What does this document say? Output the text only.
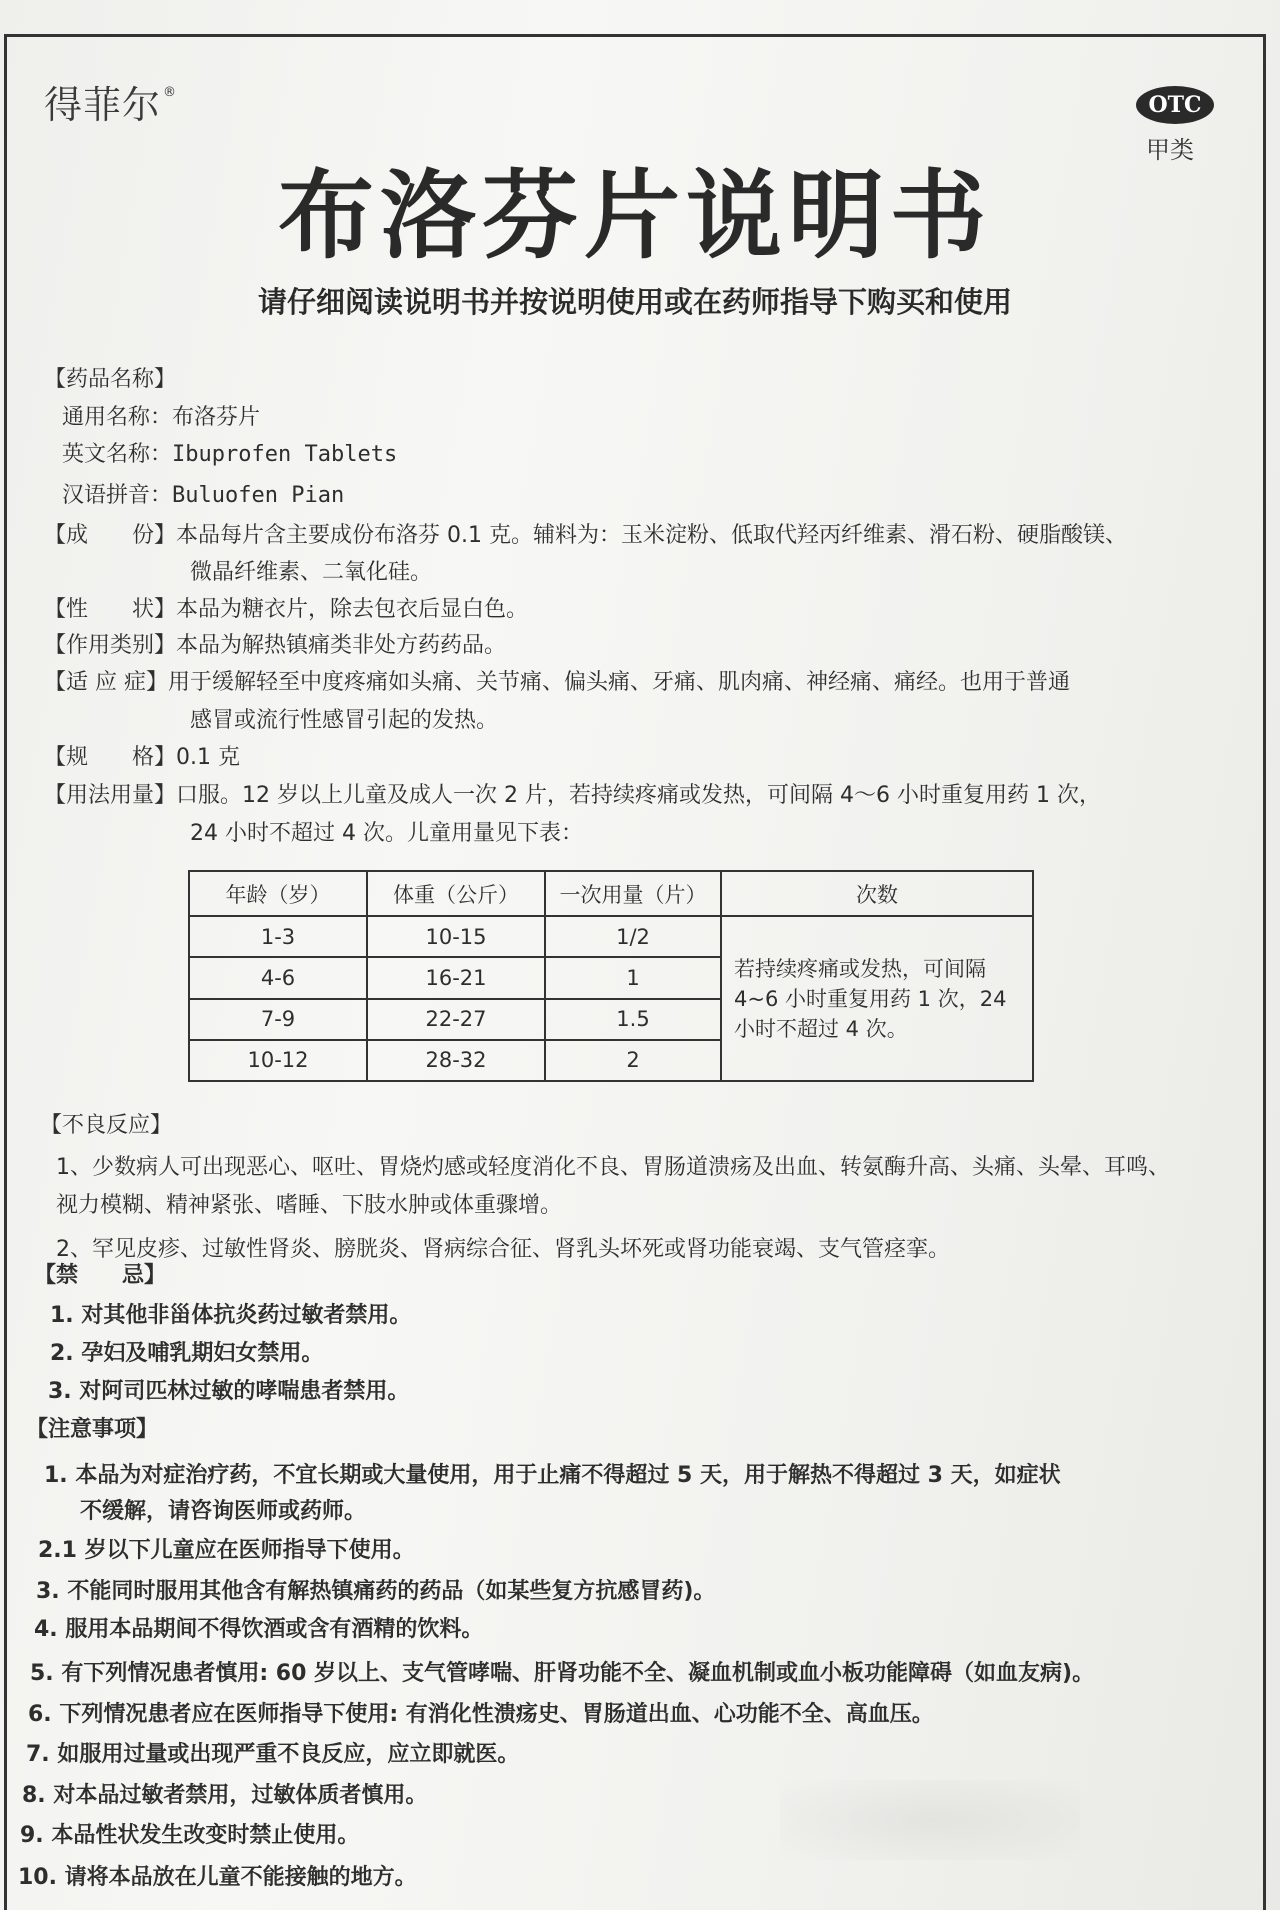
得菲尔 ®	OTC
甲类
布洛芬片说明书
请仔细阅读说明书并按说明使用或在药师指导下购买和使用
【药品名称】
通用名称：布洛芬片
英文名称：Ibuprofen Tablets
汉语拼音：Buluofen Pian
【成　　份】本品每片含主要成份布洛芬 0.1 克。辅料为：玉米淀粉、低取代羟丙纤维素、滑石粉、硬脂酸镁、
微晶纤维素、二氧化硅。
【性　　状】本品为糖衣片，除去包衣后显白色。
【作用类别】本品为解热镇痛类非处方药药品。
【适 应 症】用于缓解轻至中度疼痛如头痛、关节痛、偏头痛、牙痛、肌肉痛、神经痛、痛经。也用于普通
感冒或流行性感冒引起的发热。
【规　　格】0.1 克
【用法用量】口服。12 岁以上儿童及成人一次 2 片，若持续疼痛或发热，可间隔 4～6 小时重复用药 1 次，
24 小时不超过 4 次。儿童用量见下表：
年龄（岁）	体重（公斤）	一次用量（片）	次数
1-3	10-15	1/2	若持续疼痛或发热，可间隔
4~6 小时重复用药 1 次，24
小时不超过 4 次。

4-6	16-21	1	
7-9	22-27	1.5	
10-12	28-32	2	
【不良反应】
1、少数病人可出现恶心、呕吐、胃烧灼感或轻度消化不良、胃肠道溃疡及出血、转氨酶升高、头痛、头晕、耳鸣、
视力模糊、精神紧张、嗜睡、下肢水肿或体重骤增。
2、罕见皮疹、过敏性肾炎、膀胱炎、肾病综合征、肾乳头坏死或肾功能衰竭、支气管痉挛。
【禁　　忌】
1. 对其他非甾体抗炎药过敏者禁用。
2. 孕妇及哺乳期妇女禁用。
3. 对阿司匹林过敏的哮喘患者禁用。
【注意事项】
1. 本品为对症治疗药，不宜长期或大量使用，用于止痛不得超过 5 天，用于解热不得超过 3 天，如症状
不缓解，请咨询医师或药师。
2.1 岁以下儿童应在医师指导下使用。
3. 不能同时服用其他含有解热镇痛药的药品（如某些复方抗感冒药)。
4. 服用本品期间不得饮酒或含有酒精的饮料。
5. 有下列情况患者慎用: 60 岁以上、支气管哮喘、肝肾功能不全、凝血机制或血小板功能障碍（如血友病)。
6. 下列情况患者应在医师指导下使用: 有消化性溃疡史、胃肠道出血、心功能不全、高血压。
7. 如服用过量或出现严重不良反应，应立即就医。
8. 对本品过敏者禁用，过敏体质者慎用。
9. 本品性状发生改变时禁止使用。
10. 请将本品放在儿童不能接触的地方。
